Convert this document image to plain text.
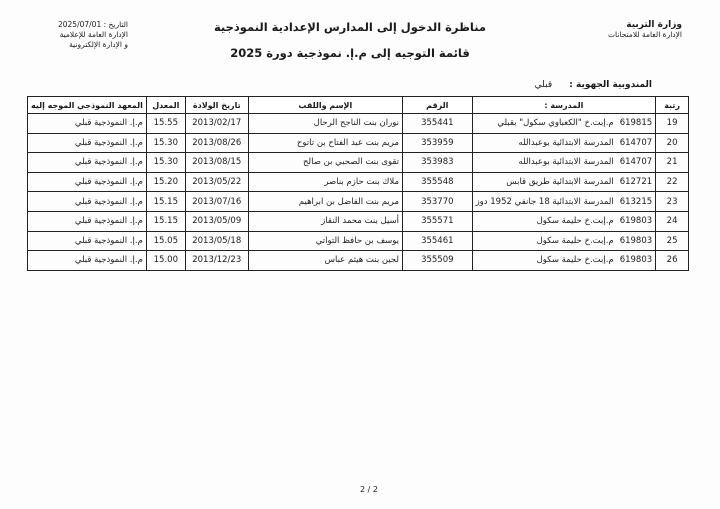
وزارة التربية
الإدارة العامة للامتحانات
التاريخ : 2025/07/01
الإدارة العامة للإعلامية
و الإدارة الإلكترونية
مناظرة الدخول إلى المدارس الإعدادية النموذجية
قائمة التوجيه إلى م.إ. نموذجية دورة 2025
المندوبية الجهوية : قبلي
رتبة	المدرسة :	الرقم	الإسم واللقب	تاريخ الولادة	المعدل	المعهد النموذجي الموجه إليه
19	619815م.إبت.خ "الكعباوي سكول" بقبلي	355441	نوران بنت الناجح الرحال	2013/02/17	15.55	م.إ. النموذجية قبلي
20	614707المدرسة الابتدائية بوعبدالله	353959	مريم بنت عبد الفتاح بن تاتوح	2013/08/26	15.30	م.إ. النموذجية قبلي
21	614707المدرسة الابتدائية بوعبدالله	353983	تقوى بنت الصحبي بن صالح	2013/08/15	15.30	م.إ. النموذجية قبلي
22	612721المدرسة الابتدائية طريق قابس	355548	ملاك بنت حازم بناصر	2013/05/22	15.20	م.إ. النموذجية قبلي
23	613215المدرسة الابتدائية 18 جانفي 1952 دوز	353770	مريم بنت الفاضل بن ابراهيم	2013/07/16	15.15	م.إ. النموذجية قبلي
24	619803م.إبت.خ حليمة سكول	355571	أسيل بنت محمد النقاز	2013/05/09	15.15	م.إ. النموذجية قبلي
25	619803م.إبت.خ حليمة سكول	355461	يوسف بن حافظ التواتي	2013/05/18	15.05	م.إ. النموذجية قبلي
26	619803م.إبت.خ حليمة سكول	355509	لجين بنت هيثم عباس	2013/12/23	15.00	م.إ. النموذجية قبلي
2 / 2
